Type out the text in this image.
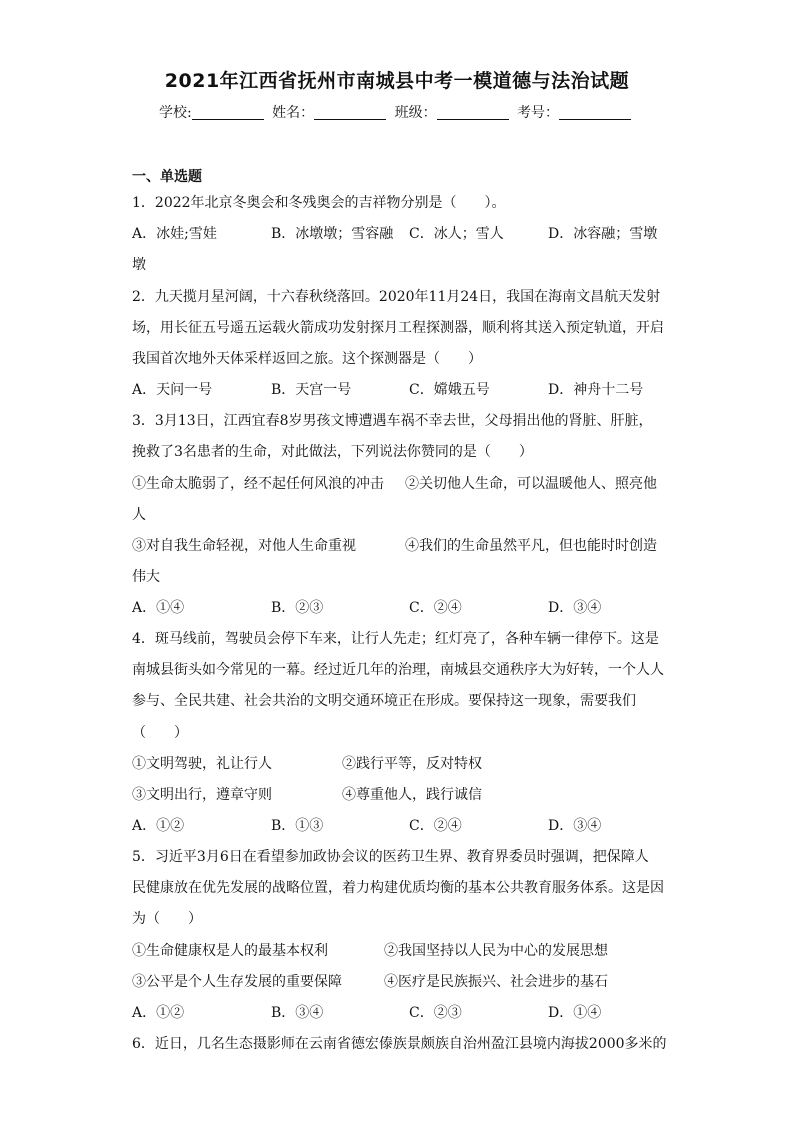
2021年江西省抚州市南城县中考一模道德与法治试题
学校:	姓名：	班级：	考号：
一、单选题
1．2022年北京冬奥会和冬残奥会的吉祥物分别是（　　）。
A．冰娃;雪娃	B．冰墩墩；雪容融 C．冰人；雪人	D．冰容融；雪墩
墩
2．九天揽月星河阔，十六春秋绕落回。2020年11月24日，我国在海南文昌航天发射
场，用长征五号遥五运载火箭成功发射探月工程探测器，顺利将其送入预定轨道，开启
我国首次地外天体采样返回之旅。这个探测器是（　　）
A．天问一号	B．天宫一号	C．嫦娥五号	D．神舟十二号
3．3月13日，江西宜春8岁男孩文博遭遇车祸不幸去世，父母捐出他的肾脏、肝脏，
挽救了3名患者的生命，对此做法，下列说法你赞同的是（　　）
①生命太脆弱了，经不起任何风浪的冲击 ②关切他人生命，可以温暖他人、照亮他
人
③对自我生命轻视，对他人生命重视	④我们的生命虽然平凡，但也能时时创造
伟大
A．①④	B．②③	C．②④	D．③④
4．斑马线前，驾驶员会停下车来，让行人先走；红灯亮了，各种车辆一律停下。这是
南城县街头如今常见的一幕。经过近几年的治理，南城县交通秩序大为好转，一个人人
参与、全民共建、社会共治的文明交通环境正在形成。要保持这一现象，需要我们
（　　）
①文明驾驶，礼让行人	②践行平等，反对特权
③文明出行，遵章守则	④尊重他人，践行诚信
A．①②	B．①③	C．②④	D．③④
5．习近平3月6日在看望参加政协会议的医药卫生界、教育界委员时强调，把保障人
民健康放在优先发展的战略位置，着力构建优质均衡的基本公共教育服务体系。这是因
为（　　）
①生命健康权是人的最基本权利	②我国坚持以人民为中心的发展思想
③公平是个人生存发展的重要保障	④医疗是民族振兴、社会进步的基石
A．①②	B．③④	C．②③	D．①④
6．近日，几名生态摄影师在云南省德宏傣族景颇族自治州盈江县境内海拔2000多米的
